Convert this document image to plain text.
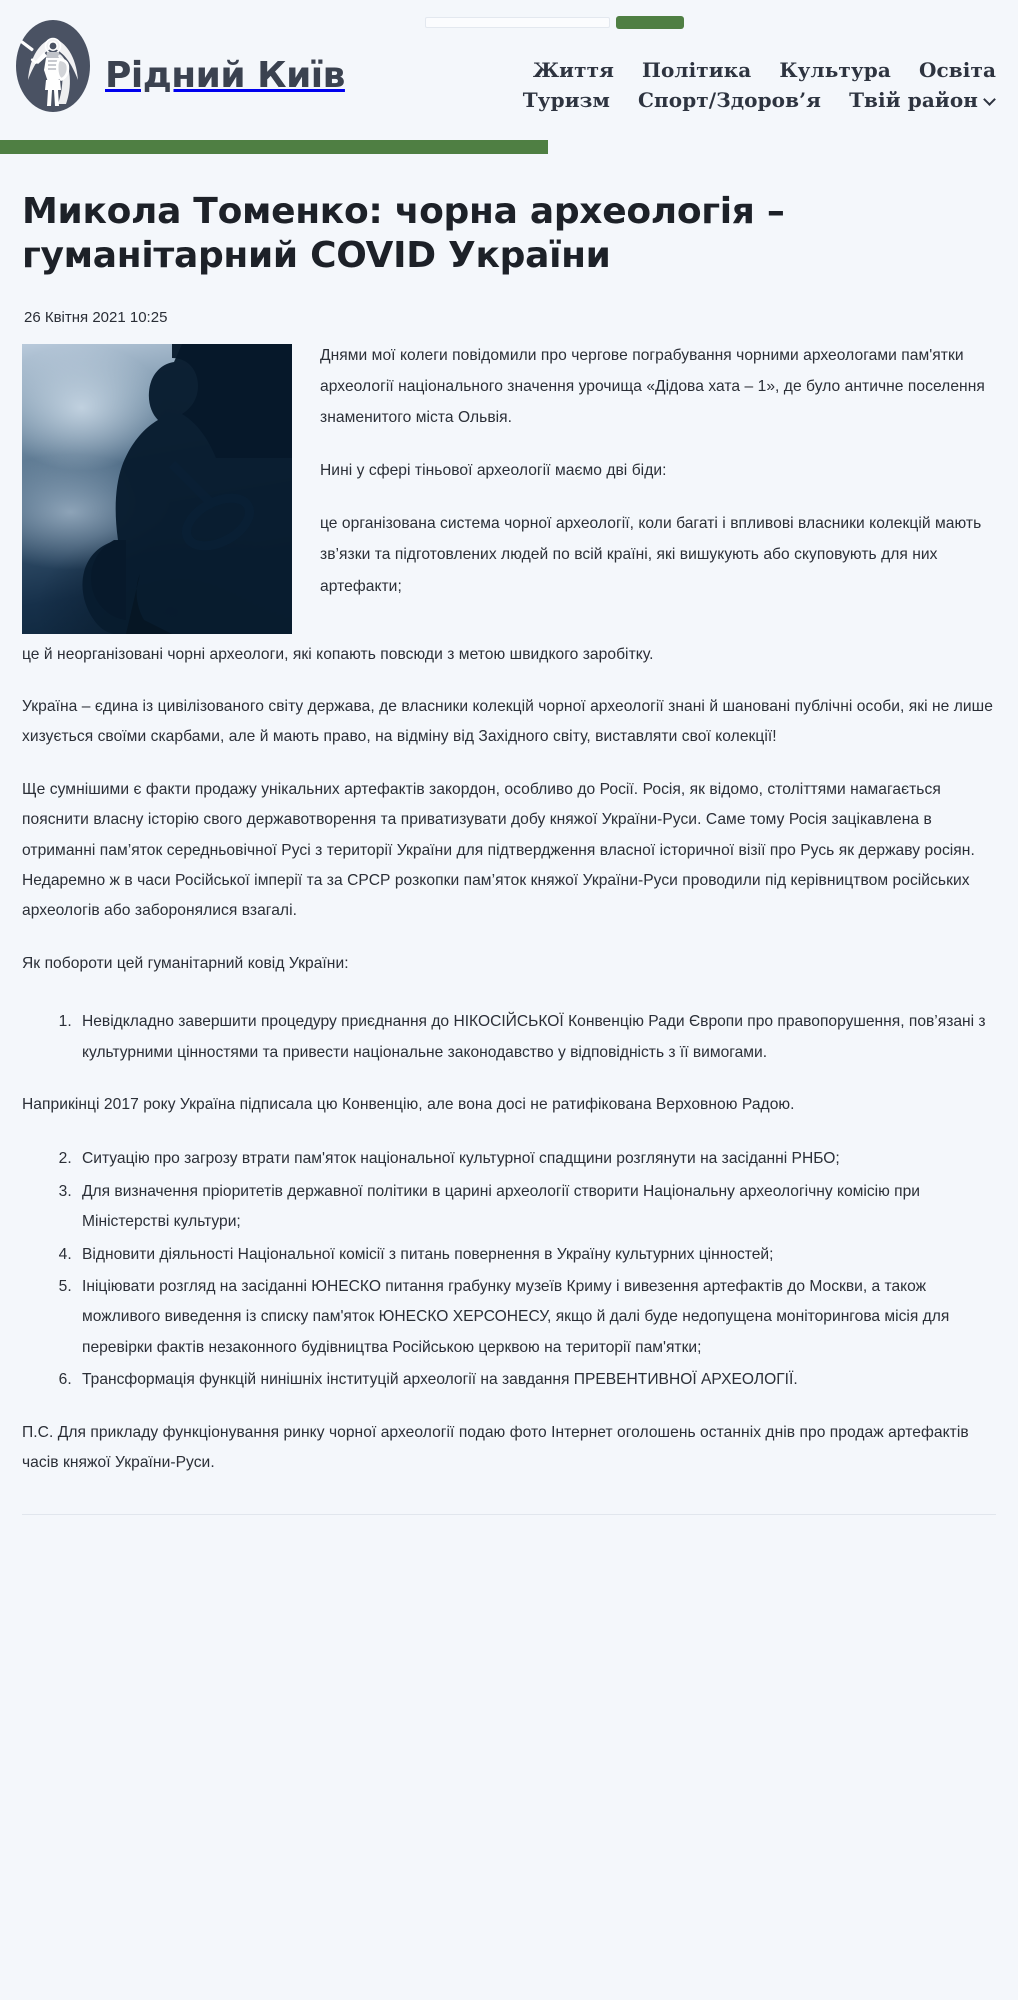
Рідний Київ	Життя Політика Культура Освіта
Туризм Спорт/Здоров’я Твій район
Микола Томенко: чорна археологія – гуманітарний COVID України
26 Квітня 2021 10:25

Днями мої колеги повідомили про чергове пограбування чорними археологами пам'ятки археології національного значення урочища «Дідова хата – 1», де було античне поселення знаменитого міста Ольвія.

Нині у сфері тіньової археології маємо дві біди:

це організована система чорної археології, коли багаті і впливові власники колекцій мають зв’язки та підготовлених людей по всій країні, які вишукують або скуповують для них артефакти;

це й неорганізовані чорні археологи, які копають повсюди з метою швидкого заробітку.

Україна – єдина із цивілізованого світу держава, де власники колекцій чорної археології знані й шановані публічні особи, які не лише хизується своїми скарбами, але й мають право, на відміну від Західного світу, виставляти свої колекції!

Ще сумнішими є факти продажу унікальних артефактів закордон, особливо до Росії. Росія, як відомо, століттями намагається пояснити власну історію свого державотворення та приватизувати добу княжої України-Руси. Саме тому Росія зацікавлена в отриманні пам’яток середньовічної Русі з території України для підтвердження власної історичної візії про Русь як державу росіян. Недаремно ж в часи Російської імперії та за СРСР розкопки пам’яток княжої України-Руси проводили під керівництвом російських археологів або заборонялися взагалі.

Як побороти цей гуманітарний ковід України:

1. Невідкладно завершити процедуру приєднання до НІКОСІЙСЬКОЇ Конвенцію Ради Європи про правопорушення, пов’язані з культурними цінностями та привести національне законодавство у відповідність з її вимогами.

Наприкінці 2017 року Україна підписала цю Конвенцію, але вона досі не ратифікована Верховною Радою.

2. Ситуацію про загрозу втрати пам'яток національної культурної спадщини розглянути на засіданні РНБО;
3. Для визначення пріоритетів державної політики в царині археології створити Національну археологічну комісію при Міністерстві культури;
4. Відновити діяльності Національної комісії з питань повернення в Україну культурних цінностей;
5. Ініціювати розгляд на засіданні ЮНЕСКО питання грабунку музеїв Криму і вивезення артефактів до Москви, а також можливого виведення із списку пам'яток ЮНЕСКО ХЕРСОНЕСУ, якщо й далі буде недопущена моніторингова місія для перевірки фактів незаконного будівництва Російською церквою на території пам'ятки;
6. Трансформація функцій нинішніх інституцій археології на завдання ПРЕВЕНТИВНОЇ АРХЕОЛОГІЇ.

П.С. Для прикладу функціонування ринку чорної археології подаю фото Інтернет оголошень останніх днів про продаж артефактів часів княжої України-Руси.
